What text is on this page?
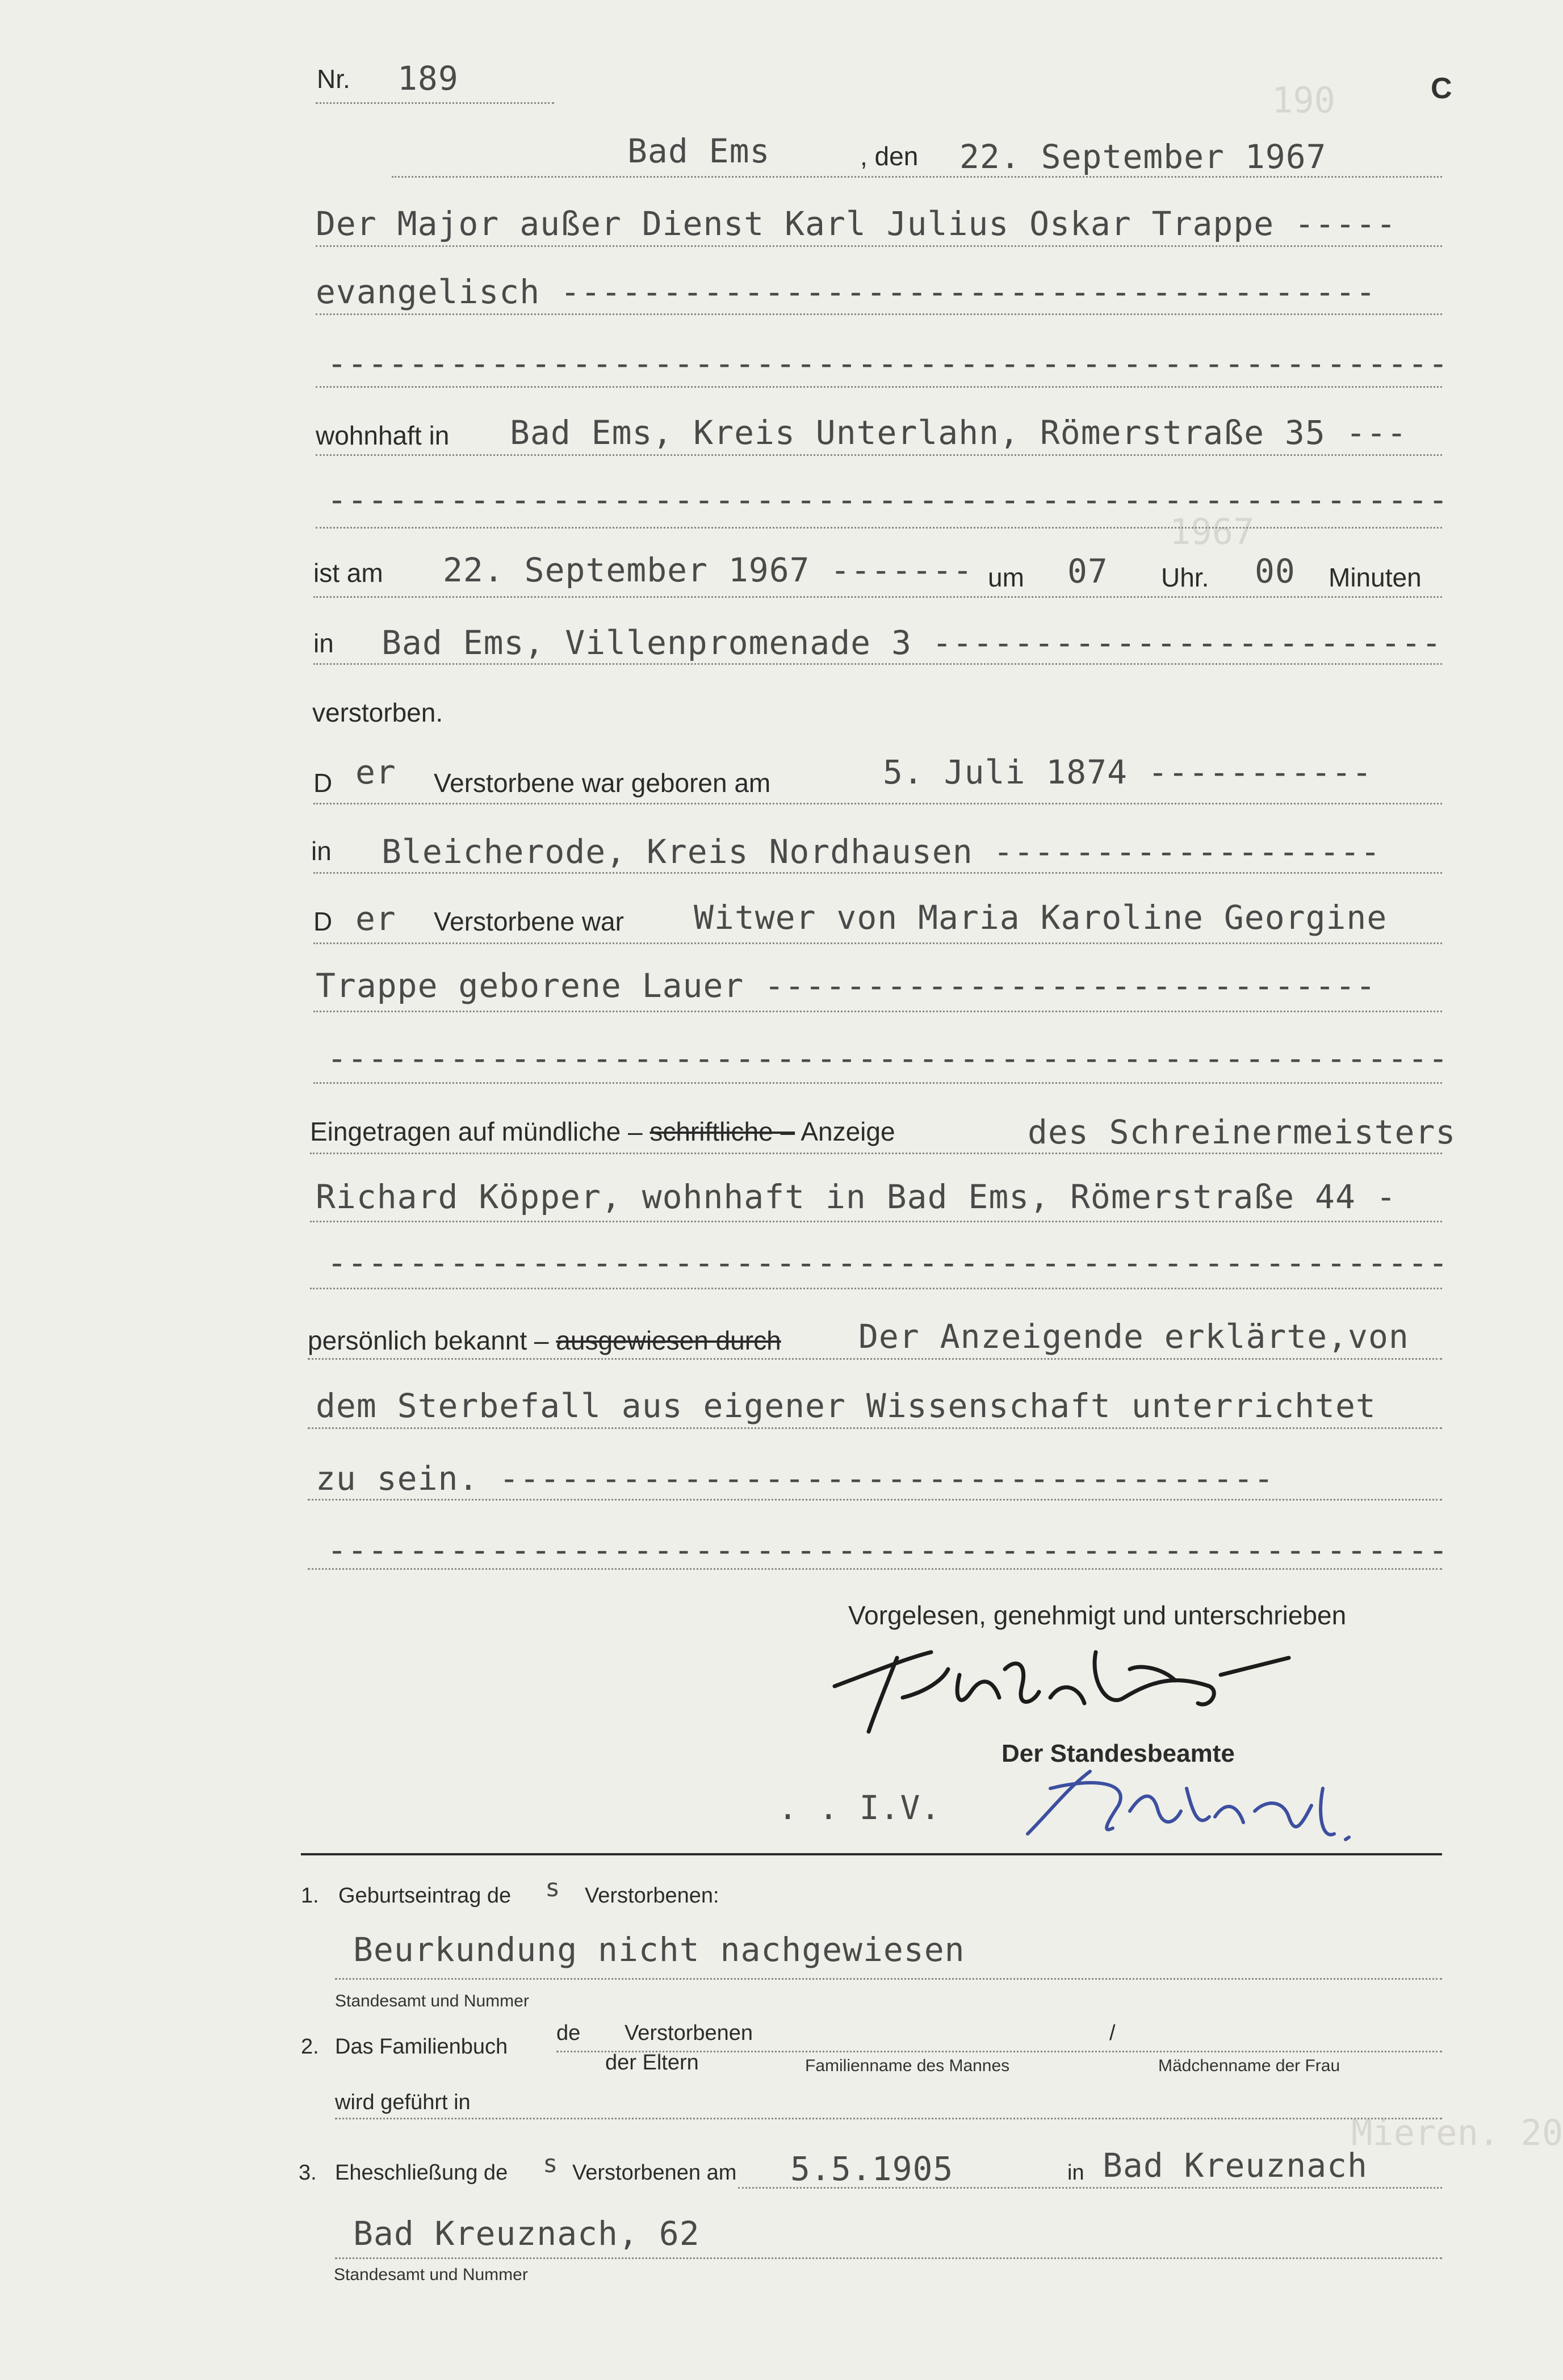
190
1967
Mieren. 20
Nr. 189	C
Bad Ems	, den 22. September 1967
Der Major außer Dienst Karl Julius Oskar Trappe -----
evangelisch ----------------------------------------
-------------------------------------------------------
wohnhaft in Bad Ems, Kreis Unterlahn, Römerstraße 35 ---
-------------------------------------------------------
ist am 22. September 1967 ------- um 07 Uhr. 00 Minuten
in Bad Ems, Villenpromenade 3 -------------------------
verstorben.
D er Verstorbene war geboren am	5. Juli 1874 -----------
in Bleicherode, Kreis Nordhausen -------------------
D er Verstorbene war Witwer von Maria Karoline Georgine
Trappe geborene Lauer ------------------------------
-------------------------------------------------------
Eingetragen auf mündliche – schriftliche – Anzeige	des Schreinermeisters
Richard Köpper, wohnhaft in Bad Ems, Römerstraße 44 -
-------------------------------------------------------
persönlich bekannt – ausgewiesen durch Der Anzeigende erklärte,von
dem Sterbefall aus eigener Wissenschaft unterrichtet
zu sein. --------------------------------------
-------------------------------------------------------
Vorgelesen, genehmigt und unterschrieben
Der Standesbeamte
. . I.V.
1. Geburtseintrag de s Verstorbenen:
Beurkundung nicht nachgewiesen
Standesamt und Nummer
2. Das Familienbuch
de Verstorbenen
der Eltern
/
Familienname des Mannes	Mädchenname der Frau
wird geführt in
3. Eheschließung de s Verstorbenen am 5.5.1905	in Bad Kreuznach
Bad Kreuznach, 62
Standesamt und Nummer
